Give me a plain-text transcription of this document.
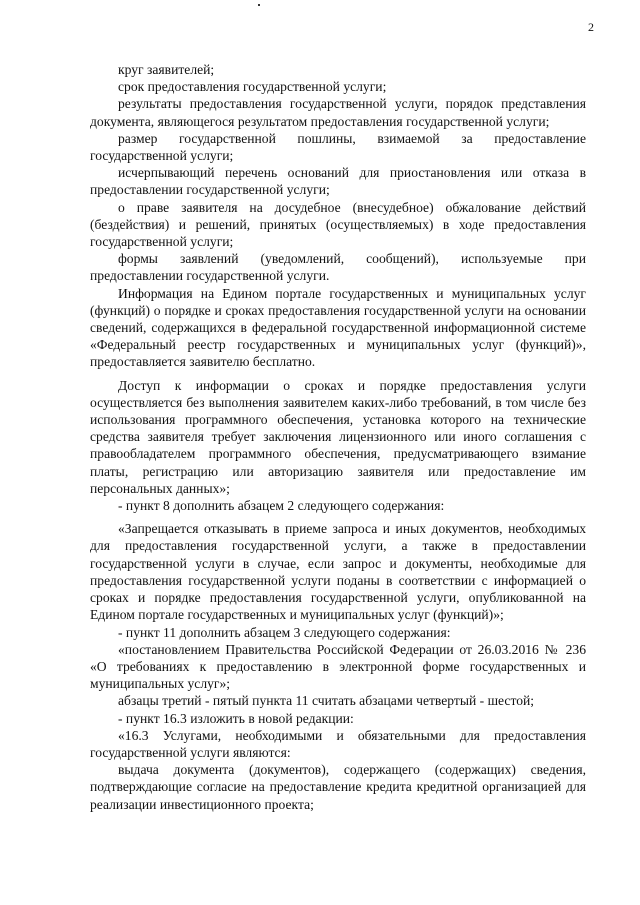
2

круг заявителей;

срок предоставления государственной услуги;

результаты предоставления государственной услуги, порядок представления документа, являющегося результатом предоставления государственной услуги;

размер государственной пошлины, взимаемой за предоставление государственной услуги;

исчерпывающий перечень оснований для приостановления или отказа в предоставлении государственной услуги;

о праве заявителя на досудебное (внесудебное) обжалование действий (бездействия) и решений, принятых (осуществляемых) в ходе предоставления государственной услуги;

формы заявлений (уведомлений, сообщений), используемые при предоставлении государственной услуги.

Информация на Едином портале государственных и муниципальных услуг (функций) о порядке и сроках предоставления государственной услуги на основании сведений, содержащихся в федеральной государственной информационной системе «Федеральный реестр государственных и муниципальных услуг (функций)», предоставляется заявителю бесплатно.

Доступ к информации о сроках и порядке предоставления услуги осуществляется без выполнения заявителем каких-либо требований, в том числе без использования программного обеспечения, установка которого на технические средства заявителя требует заключения лицензионного или иного соглашения с правообладателем программного обеспечения, предусматривающего взимание платы, регистрацию или авторизацию заявителя или предоставление им персональных данных»;

- пункт 8 дополнить абзацем 2 следующего содержания:

«Запрещается отказывать в приеме запроса и иных документов, необходимых для предоставления государственной услуги, а также в предоставлении государственной услуги в случае, если запрос и документы, необходимые для предоставления государственной услуги поданы в соответствии с информацией о сроках и порядке предоставления государственной услуги, опубликованной на Едином портале государственных и муниципальных услуг (функций)»;

- пункт 11 дополнить абзацем 3 следующего содержания:

«постановлением Правительства Российской Федерации от 26.03.2016 № 236 «О требованиях к предоставлению в электронной форме государственных и муниципальных услуг»;

абзацы третий - пятый пункта 11 считать абзацами четвертый - шестой;

- пункт 16.3 изложить в новой редакции:

«16.3 Услугами, необходимыми и обязательными для предоставления государственной услуги являются:

выдача документа (документов), содержащего (содержащих) сведения, подтверждающие согласие на предоставление кредита кредитной организацией для реализации инвестиционного проекта;
